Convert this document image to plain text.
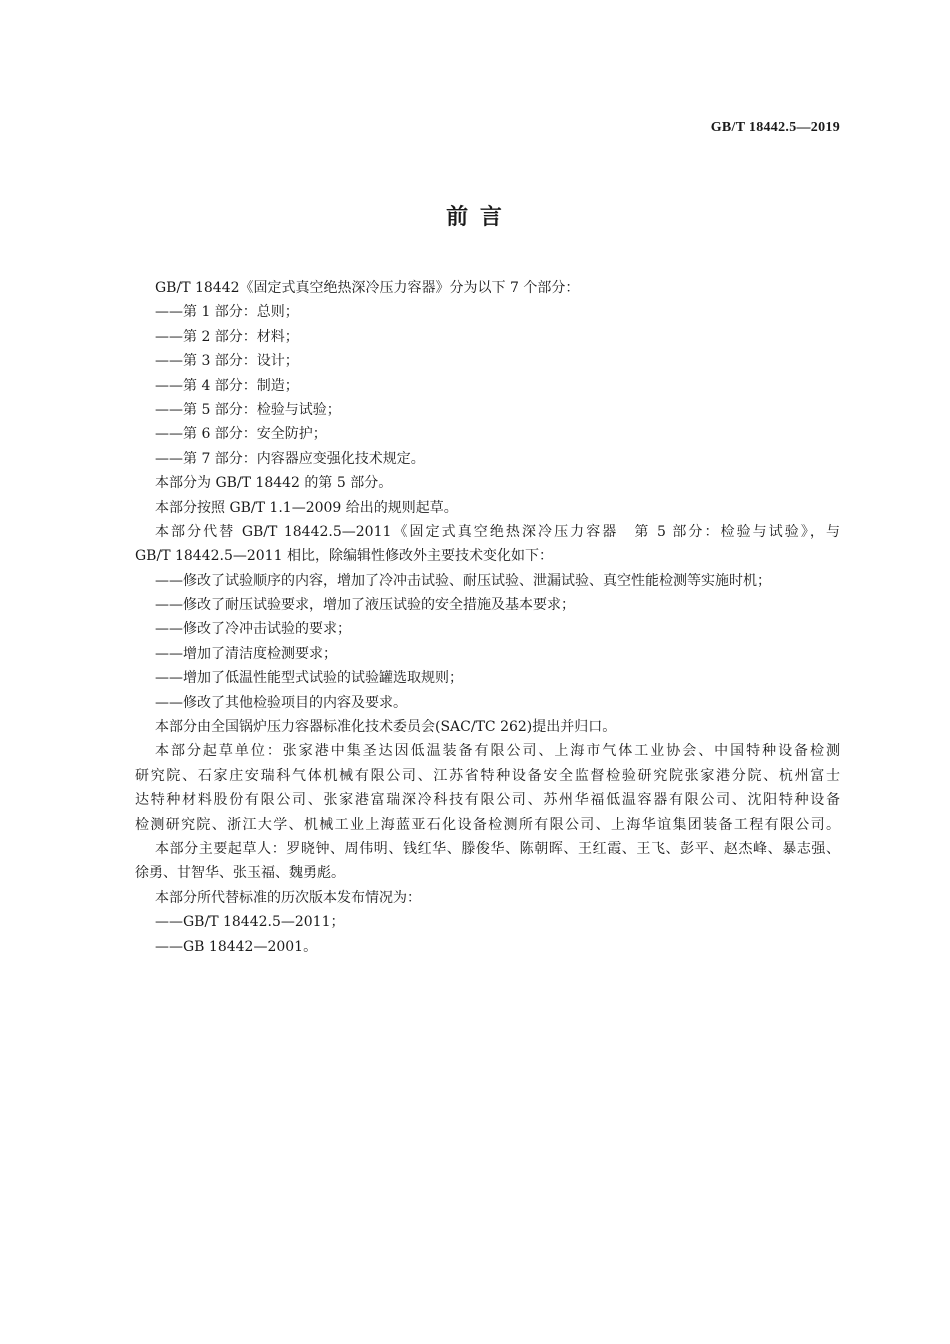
GB/T 18442.5—2019
前 言
GB/T 18442《固定式真空绝热深冷压力容器》分为以下 7 个部分：
——第 1 部分：总则；
——第 2 部分：材料；
——第 3 部分：设计；
——第 4 部分：制造；
——第 5 部分：检验与试验；
——第 6 部分：安全防护；
——第 7 部分：内容器应变强化技术规定。
本部分为 GB/T 18442 的第 5 部分。
本部分按照 GB/T 1.1—2009 给出的规则起草。
本部分代替 GB/T 18442.5—2011《固定式真空绝热深冷压力容器　第 5 部分：检验与试验》，与
GB/T 18442.5—2011 相比，除编辑性修改外主要技术变化如下：
——修改了试验顺序的内容，增加了冷冲击试验、耐压试验、泄漏试验、真空性能检测等实施时机；
——修改了耐压试验要求，增加了液压试验的安全措施及基本要求；
——修改了冷冲击试验的要求；
——增加了清洁度检测要求；
——增加了低温性能型式试验的试验罐选取规则；
——修改了其他检验项目的内容及要求。
本部分由全国锅炉压力容器标准化技术委员会(SAC/TC 262)提出并归口。
本部分起草单位：张家港中集圣达因低温装备有限公司、上海市气体工业协会、中国特种设备检测
研究院、石家庄安瑞科气体机械有限公司、江苏省特种设备安全监督检验研究院张家港分院、杭州富士
达特种材料股份有限公司、张家港富瑞深冷科技有限公司、苏州华福低温容器有限公司、沈阳特种设备
检测研究院、浙江大学、机械工业上海蓝亚石化设备检测所有限公司、上海华谊集团装备工程有限公司。
本部分主要起草人：罗晓钟、周伟明、钱红华、滕俊华、陈朝晖、王红霞、王飞、彭平、赵杰峰、暴志强、
徐勇、甘智华、张玉福、魏勇彪。
本部分所代替标准的历次版本发布情况为：
——GB/T 18442.5—2011；
——GB 18442—2001。
